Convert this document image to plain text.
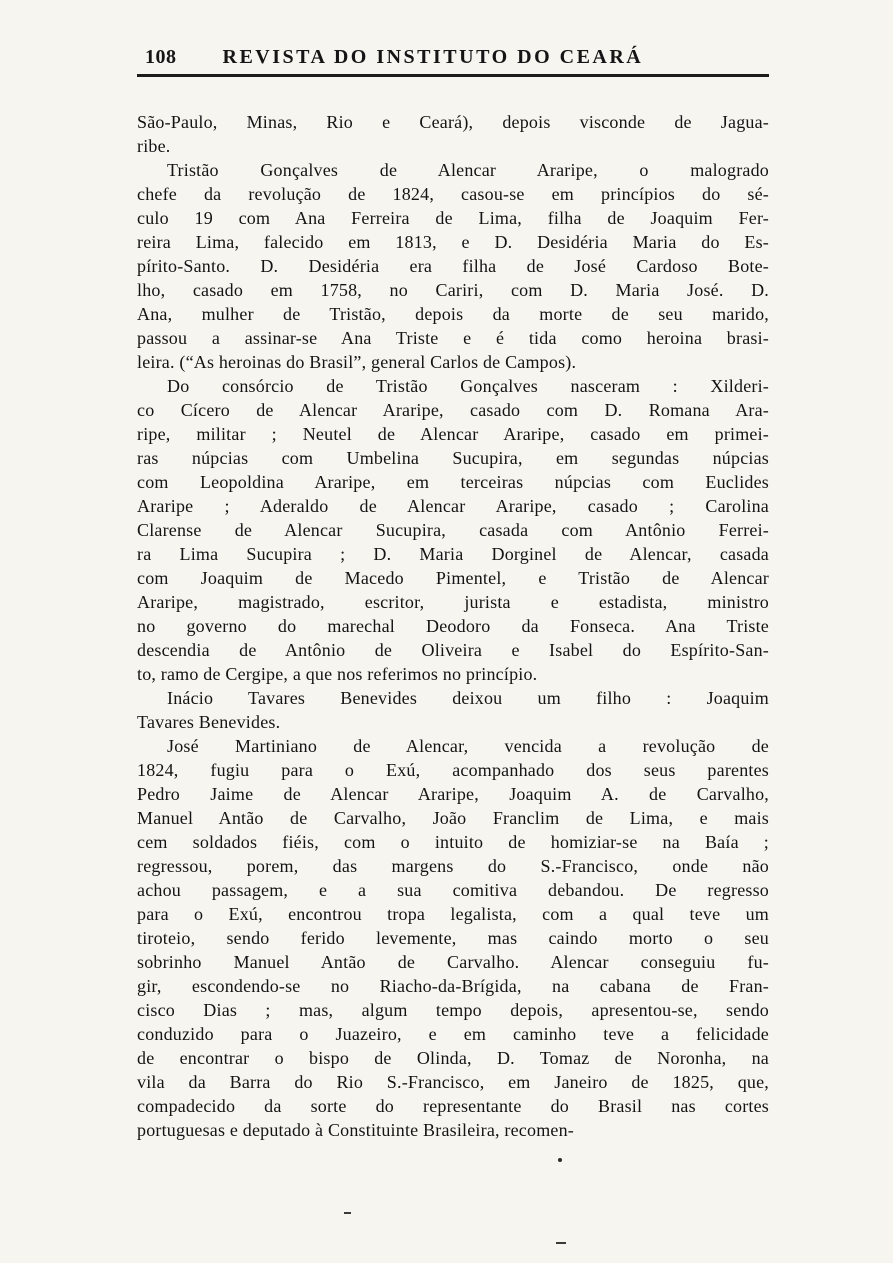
108 REVISTA DO INSTITUTO DO CEARÁ
São-Paulo, Minas, Rio e Ceará), depois visconde de Jagua-
ribe.
Tristão Gonçalves de Alencar Araripe, o malogrado
chefe da revolução de 1824, casou-se em princípios do sé-
culo 19 com Ana Ferreira de Lima, filha de Joaquim Fer-
reira Lima, falecido em 1813, e D. Desidéria Maria do Es-
pírito-Santo. D. Desidéria era filha de José Cardoso Bote-
lho, casado em 1758, no Cariri, com D. Maria José. D.
Ana, mulher de Tristão, depois da morte de seu marido,
passou a assinar-se Ana Triste e é tida como heroina brasi-
leira. (“As heroinas do Brasil”, general Carlos de Campos).
Do consórcio de Tristão Gonçalves nasceram : Xilderi-
co Cícero de Alencar Araripe, casado com D. Romana Ara-
ripe, militar ; Neutel de Alencar Araripe, casado em primei-
ras núpcias com Umbelina Sucupira, em segundas núpcias
com Leopoldina Araripe, em terceiras núpcias com Euclides
Araripe ; Aderaldo de Alencar Araripe, casado ; Carolina
Clarense de Alencar Sucupira, casada com Antônio Ferrei-
ra Lima Sucupira ; D. Maria Dorginel de Alencar, casada
com Joaquim de Macedo Pimentel, e Tristão de Alencar
Araripe, magistrado, escritor, jurista e estadista, ministro
no governo do marechal Deodoro da Fonseca. Ana Triste
descendia de Antônio de Oliveira e Isabel do Espírito-San-
to, ramo de Cergipe, a que nos referimos no princípio.
Inácio Tavares Benevides deixou um filho : Joaquim
Tavares Benevides.
José Martiniano de Alencar, vencida a revolução de
1824, fugiu para o Exú, acompanhado dos seus parentes
Pedro Jaime de Alencar Araripe, Joaquim A. de Carvalho,
Manuel Antão de Carvalho, João Franclim de Lima, e mais
cem soldados fiéis, com o intuito de homiziar-se na Baía ;
regressou, porem, das margens do S.-Francisco, onde não
achou passagem, e a sua comitiva debandou. De regresso
para o Exú, encontrou tropa legalista, com a qual teve um
tiroteio, sendo ferido levemente, mas caindo morto o seu
sobrinho Manuel Antão de Carvalho. Alencar conseguiu fu-
gir, escondendo-se no Riacho-da-Brígida, na cabana de Fran-
cisco Dias ; mas, algum tempo depois, apresentou-se, sendo
conduzido para o Juazeiro, e em caminho teve a felicidade
de encontrar o bispo de Olinda, D. Tomaz de Noronha, na
vila da Barra do Rio S.-Francisco, em Janeiro de 1825, que,
compadecido da sorte do representante do Brasil nas cortes
portuguesas e deputado à Constituinte Brasileira, recomen-
